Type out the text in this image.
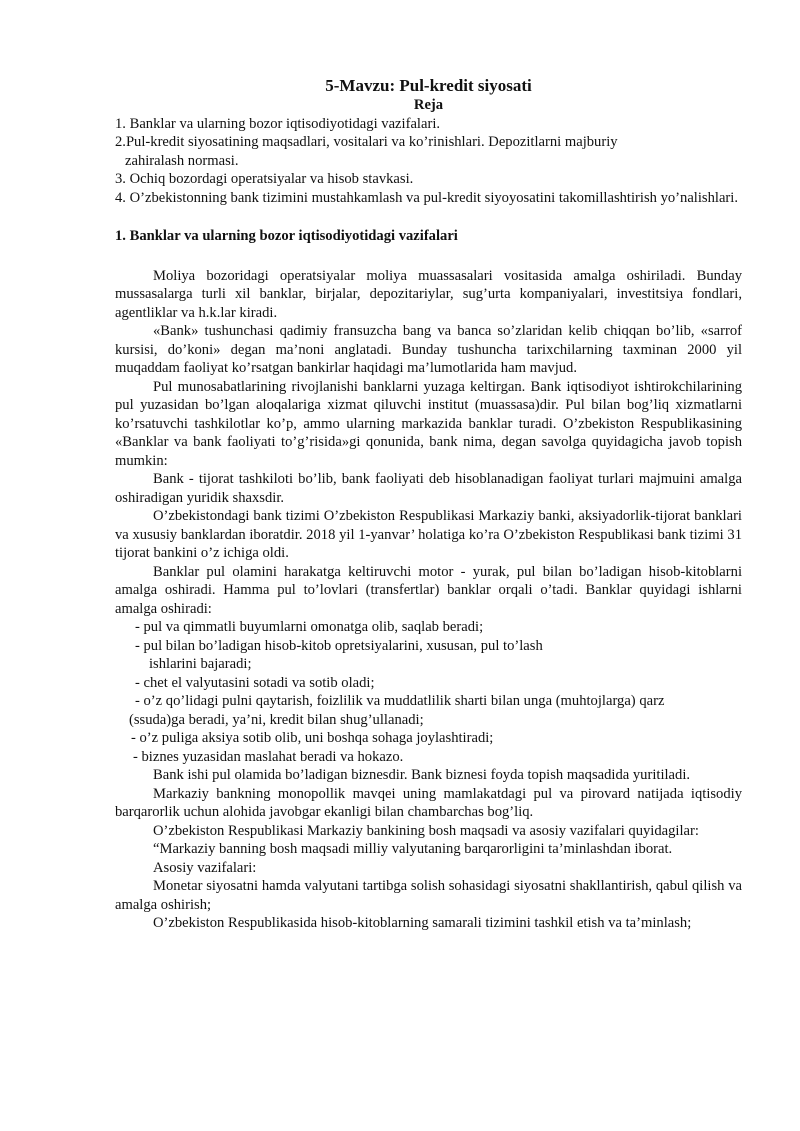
5-Mavzu: Pul-kredit siyosati

Reja

1. Banklar va ularning bozor iqtisodiyotidagi vazifalari.

2.Pul-kredit siyosatining maqsadlari, vositalari va ko’rinishlari. Depozitlarni majburiy

zahiralash normasi.

3. Ochiq bozordagi operatsiyalar va hisob stavkasi.

4. O’zbekistonning bank tizimini mustahkamlash va pul-kredit siyoyosatini takomillashtirish yo’nalishlari.

1. Banklar va ularning bozor iqtisodiyotidagi vazifalari

Moliya bozoridagi operatsiyalar moliya muassasalari vositasida amalga oshiriladi. Bunday mussasalarga turli xil banklar, birjalar, depozitariylar, sug’urta kompaniyalari, investitsiya fondlari, agentliklar va h.k.lar kiradi.

«Bank» tushunchasi qadimiy fransuzcha bang va banca so’zlaridan kelib chiqqan bo’lib, «sarrof kursisi, do’koni» degan ma’noni anglatadi. Bunday tushuncha tarixchilarning taxminan 2000 yil muqaddam faoliyat ko’rsatgan bankirlar haqidagi ma’lumotlarida ham mavjud.

Pul munosabatlarining rivojlanishi banklarni yuzaga keltirgan. Bank iqtisodiyot ishtirokchilarining pul yuzasidan bo’lgan aloqalariga xizmat qiluvchi institut (muassasa)dir. Pul bilan bog’liq xizmatlarni ko’rsatuvchi tashkilotlar ko’p, ammo ularning markazida banklar turadi. O’zbekiston Respublikasining «Banklar va bank faoliyati to’g’risida»gi qonunida, bank nima, degan savolga quyidagicha javob topish mumkin:

Bank - tijorat tashkiloti bo’lib, bank faoliyati deb hisoblanadigan faoliyat turlari majmuini amalga oshiradigan yuridik shaxsdir.

O’zbekistondagi bank tizimi O’zbekiston Respublikasi Markaziy banki, aksiyadorlik-tijorat banklari va xususiy banklardan iboratdir. 2018 yil 1-yanvar’ holatiga ko’ra O’zbekiston Respublikasi bank tizimi 31 tijorat bankini o’z ichiga oldi.

Banklar pul olamini harakatga keltiruvchi motor - yurak, pul bilan bo’ladigan hisob-kitoblarni amalga oshiradi. Hamma pul to’lovlari (transfertlar) banklar orqali o’tadi. Banklar quyidagi ishlarni amalga oshiradi:

- pul va qimmatli buyumlarni omonatga olib, saqlab beradi;

- pul bilan bo’ladigan hisob-kitob opretsiyalarini, xususan, pul to’lash

ishlarini bajaradi;

- chet el valyutasini sotadi va sotib oladi;

- o’z qo’lidagi pulni qaytarish, foizlilik va muddatlilik sharti bilan unga (muhtojlarga) qarz

(ssuda)ga beradi, ya’ni, kredit bilan shug’ullanadi;

- o’z puliga aksiya sotib olib, uni boshqa sohaga joylashtiradi;

- biznes yuzasidan maslahat beradi va hokazo.

Bank ishi pul olamida bo’ladigan biznesdir. Bank biznesi foyda topish maqsadida yuritiladi.

Markaziy bankning monopollik mavqei uning mamlakatdagi pul va pirovard natijada iqtisodiy barqarorlik uchun alohida javobgar ekanligi bilan chambarchas bog’liq.

O’zbekiston Respublikasi Markaziy bankining bosh maqsadi va asosiy vazifalari quyidagilar:

“Markaziy banning bosh maqsadi milliy valyutaning barqarorligini ta’minlashdan iborat.

Asosiy vazifalari:

Monetar siyosatni hamda valyutani tartibga solish sohasidagi siyosatni shakllantirish, qabul qilish va amalga oshirish;

O’zbekiston Respublikasida hisob-kitoblarning samarali tizimini tashkil etish va ta’minlash;
